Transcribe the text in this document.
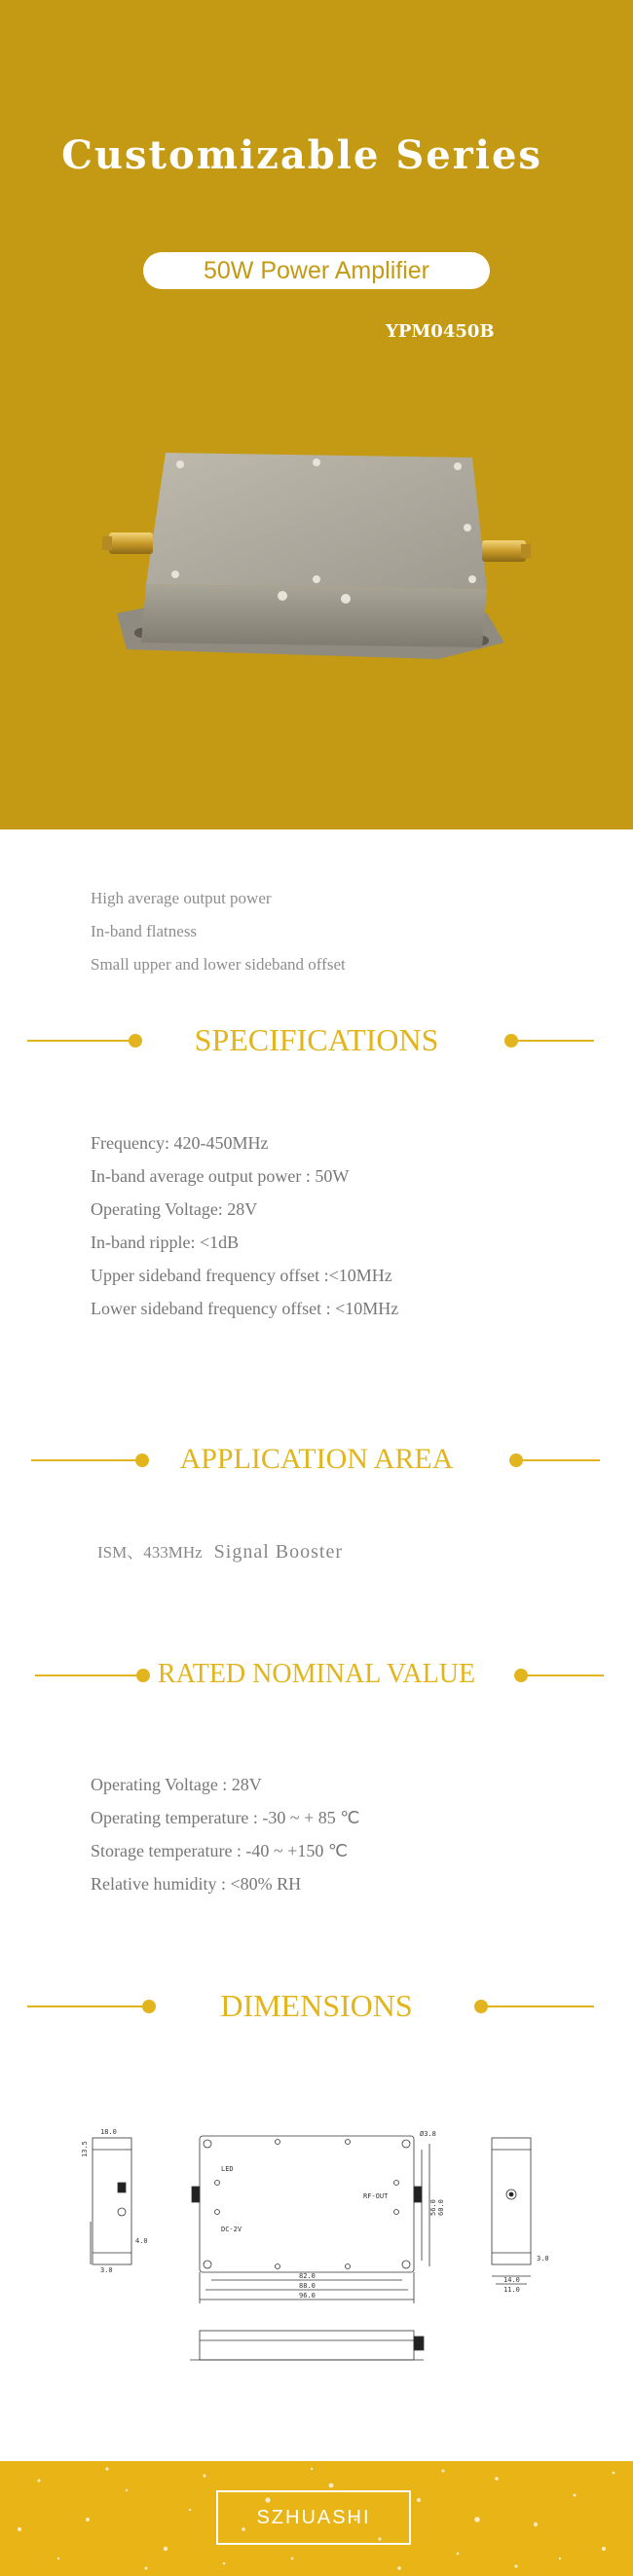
Customizable Series
50W Power Amplifier
YPM0450B
High average output power
In-band flatness
Small upper and lower sideband offset
SPECIFICATIONS
Frequency: 420-450MHz
In-band average output power : 50W
Operating Voltage: 28V
In-band ripple: <1dB
Upper sideband frequency offset :<10MHz
Lower sideband frequency offset : <10MHz
APPLICATION AREA
ISM、433MHz Signal Booster
RATED NOMINAL VALUE
Operating Voltage : 28V
Operating temperature : -30 ~ + 85 ℃
Storage temperature : -40 ~ +150 ℃
Relative humidity : <80% RH
DIMENSIONS
13.5
18.0
4.0
3.0
LED
RF-OUT
DC-2V
Ø3.8
82.0
88.0
96.0
56.0 60.0
14.0
11.0
3.0
SZHUASHI
